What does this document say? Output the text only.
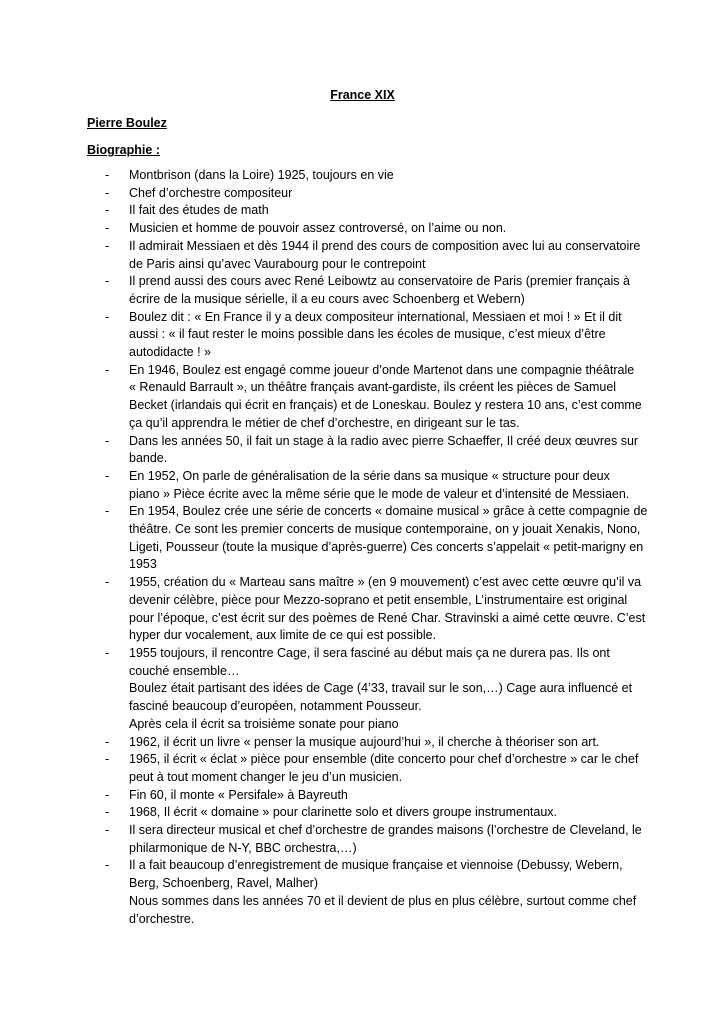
France XIX
Pierre Boulez
Biographie :
-	Montbrison (dans la Loire) 1925, toujours en vie
-	Chef d’orchestre compositeur
-	Il fait des études de math
-	Musicien et homme de pouvoir assez controversé, on l’aime ou non.
-	Il admirait Messiaen et dès 1944 il prend des cours de composition avec lui au conservatoire
de Paris ainsi qu’avec Vaurabourg pour le contrepoint
-	Il prend aussi des cours avec René Leibowtz au conservatoire de Paris (premier français à
écrire de la musique sérielle, il a eu cours avec Schoenberg et Webern)
-	Boulez dit : « En France il y a deux compositeur international, Messiaen et moi ! » Et il dit
aussi : « il faut rester le moins possible dans les écoles de musique, c’est mieux d’être
autodidacte ! »
-	En 1946, Boulez est engagé comme joueur d’onde Martenot dans une compagnie théâtrale
« Renauld Barrault », un théâtre français avant-gardiste, ils créent les pièces de Samuel
Becket (irlandais qui écrit en français) et de Loneskau. Boulez y restera 10 ans, c’est comme
ça qu’il apprendra le métier de chef d’orchestre, en dirigeant sur le tas.
-	Dans les années 50, il fait un stage à la radio avec pierre Schaeffer, Il créé deux œuvres sur
bande.
-	En 1952, On parle de généralisation de la série dans sa musique « structure pour deux
piano » Pièce écrite avec la même série que le mode de valeur et d’intensité de Messiaen.
-	En 1954, Boulez crée une série de concerts « domaine musical » grâce à cette compagnie de
théâtre. Ce sont les premier concerts de musique contemporaine, on y jouait Xenakis, Nono,
Ligeti, Pousseur (toute la musique d’après-guerre) Ces concerts s’appelait « petit-marigny en
1953
-	1955, création du « Marteau sans maître » (en 9 mouvement) c’est avec cette œuvre qu’il va
devenir célèbre, pièce pour Mezzo-soprano et petit ensemble, L’instrumentaire est original
pour l’époque, c’est écrit sur des poèmes de René Char. Stravinski a aimé cette œuvre. C’est
hyper dur vocalement, aux limite de ce qui est possible.
-	1955 toujours, il rencontre Cage, il sera fasciné au début mais ça ne durera pas. Ils ont
couché ensemble…
Boulez était partisant des idées de Cage (4’33, travail sur le son,…) Cage aura influencé et
fasciné beaucoup d’européen, notamment Pousseur.
Après cela il écrit sa troisième sonate pour piano
-	1962, il écrit un livre « penser la musique aujourd’hui », il cherche à théoriser son art.
-	1965, il écrit « éclat » pièce pour ensemble (dite concerto pour chef d’orchestre » car le chef
peut à tout moment changer le jeu d’un musicien.
-	Fin 60, il monte « Persifale» à Bayreuth
-	1968, Il écrit « domaine » pour clarinette solo et divers groupe instrumentaux.
-	Il sera directeur musical et chef d’orchestre de grandes maisons (l’orchestre de Cleveland, le
philarmonique de N-Y, BBC orchestra,…)
-	Il a fait beaucoup d’enregistrement de musique française et viennoise (Debussy, Webern,
Berg, Schoenberg, Ravel, Malher)
Nous sommes dans les années 70 et il devient de plus en plus célèbre, surtout comme chef
d’orchestre.
